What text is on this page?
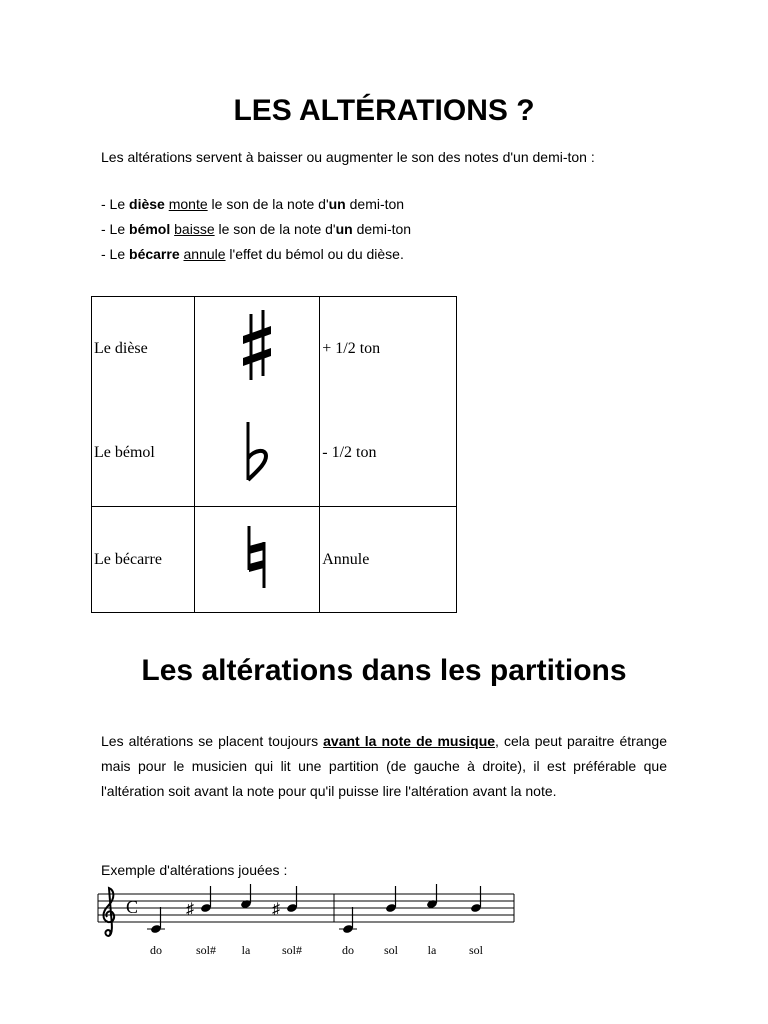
LES ALTÉRATIONS ?

Les altérations servent à baisser ou augmenter le son des notes d'un demi-ton :

- Le dièse monte le son de la note d'un demi-ton

- Le bémol baisse le son de la note d'un demi-ton

- Le bécarre annule l'effet du bémol ou du dièse.

Le dièse		+ 1/2 ton
Le bémol		- 1/2 ton
Le bécarre		Annule
Les altérations dans les partitions

Les altérations se placent toujours avant la note de musique, cela peut paraitre étrange mais pour le musicien qui lit une partition (de gauche à droite), il est préférable que l'altération soit avant la note pour qu'il puisse lire l'altération avant la note.

Exemple d'altérations jouées :

C
do
♯
sol# la
♯
sol#	do sol la	sol
